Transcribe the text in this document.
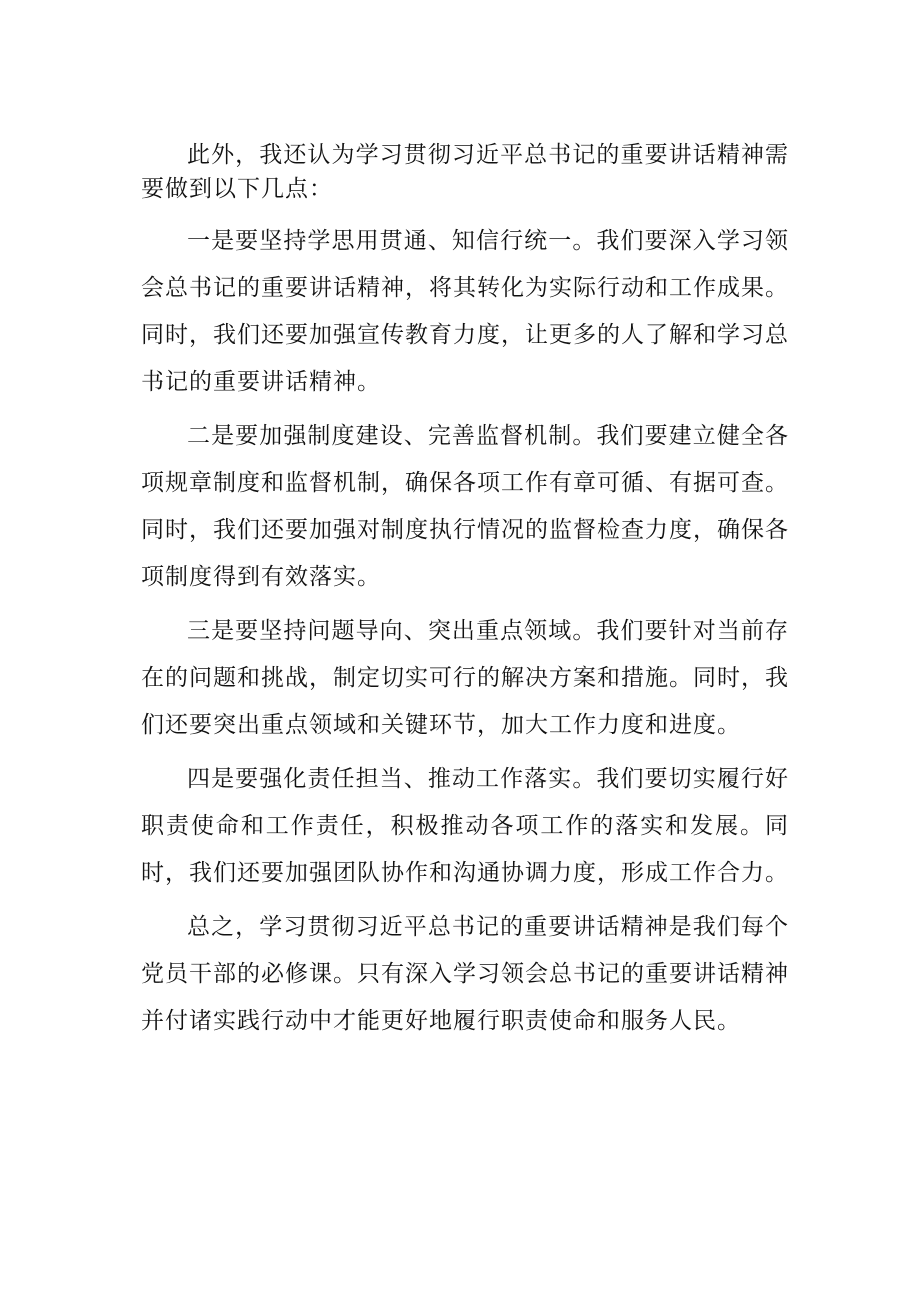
此外，我还认为学习贯彻习近平总书记的重要讲话精神需要做到以下几点：

一是要坚持学思用贯通、知信行统一。我们要深入学习领会总书记的重要讲话精神，将其转化为实际行动和工作成果。同时，我们还要加强宣传教育力度，让更多的人了解和学习总书记的重要讲话精神。

二是要加强制度建设、完善监督机制。我们要建立健全各项规章制度和监督机制，确保各项工作有章可循、有据可查。同时，我们还要加强对制度执行情况的监督检查力度，确保各项制度得到有效落实。

三是要坚持问题导向、突出重点领域。我们要针对当前存在的问题和挑战，制定切实可行的解决方案和措施。同时，我们还要突出重点领域和关键环节，加大工作力度和进度。

四是要强化责任担当、推动工作落实。我们要切实履行好职责使命和工作责任，积极推动各项工作的落实和发展。同时，我们还要加强团队协作和沟通协调力度，形成工作合力。

总之，学习贯彻习近平总书记的重要讲话精神是我们每个党员干部的必修课。只有深入学习领会总书记的重要讲话精神并付诸实践行动中才能更好地履行职责使命和服务人民。
